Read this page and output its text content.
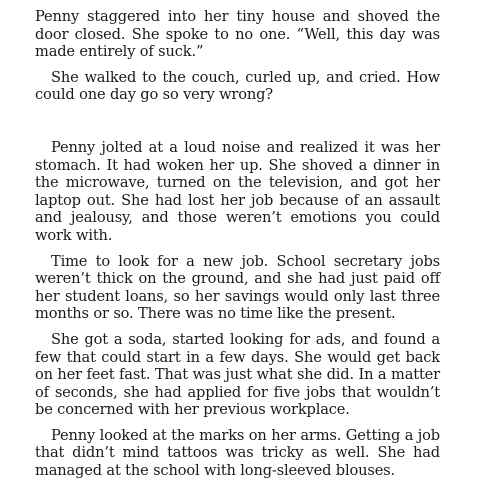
Penny staggered into her tiny house and shoved the door closed. She spoke to no one. “Well, this day was made entirely of suck.”

She walked to the couch, curled up, and cried. How could one day go so very wrong?

Penny jolted at a loud noise and realized it was her stomach. It had woken her up. She shoved a dinner in the microwave, turned on the television, and got her laptop out. She had lost her job because of an assault and jealousy, and those weren’t emotions you could work with.

Time to look for a new job. School secretary jobs weren’t thick on the ground, and she had just paid off her student loans, so her savings would only last three months or so. There was no time like the present.

She got a soda, started looking for ads, and found a few that could start in a few days. She would get back on her feet fast. That was just what she did. In a matter of seconds, she had applied for five jobs that wouldn’t be concerned with her previous workplace.

Penny looked at the marks on her arms. Getting a job that didn’t mind tattoos was tricky as well. She had managed at the school with long-sleeved blouses.
